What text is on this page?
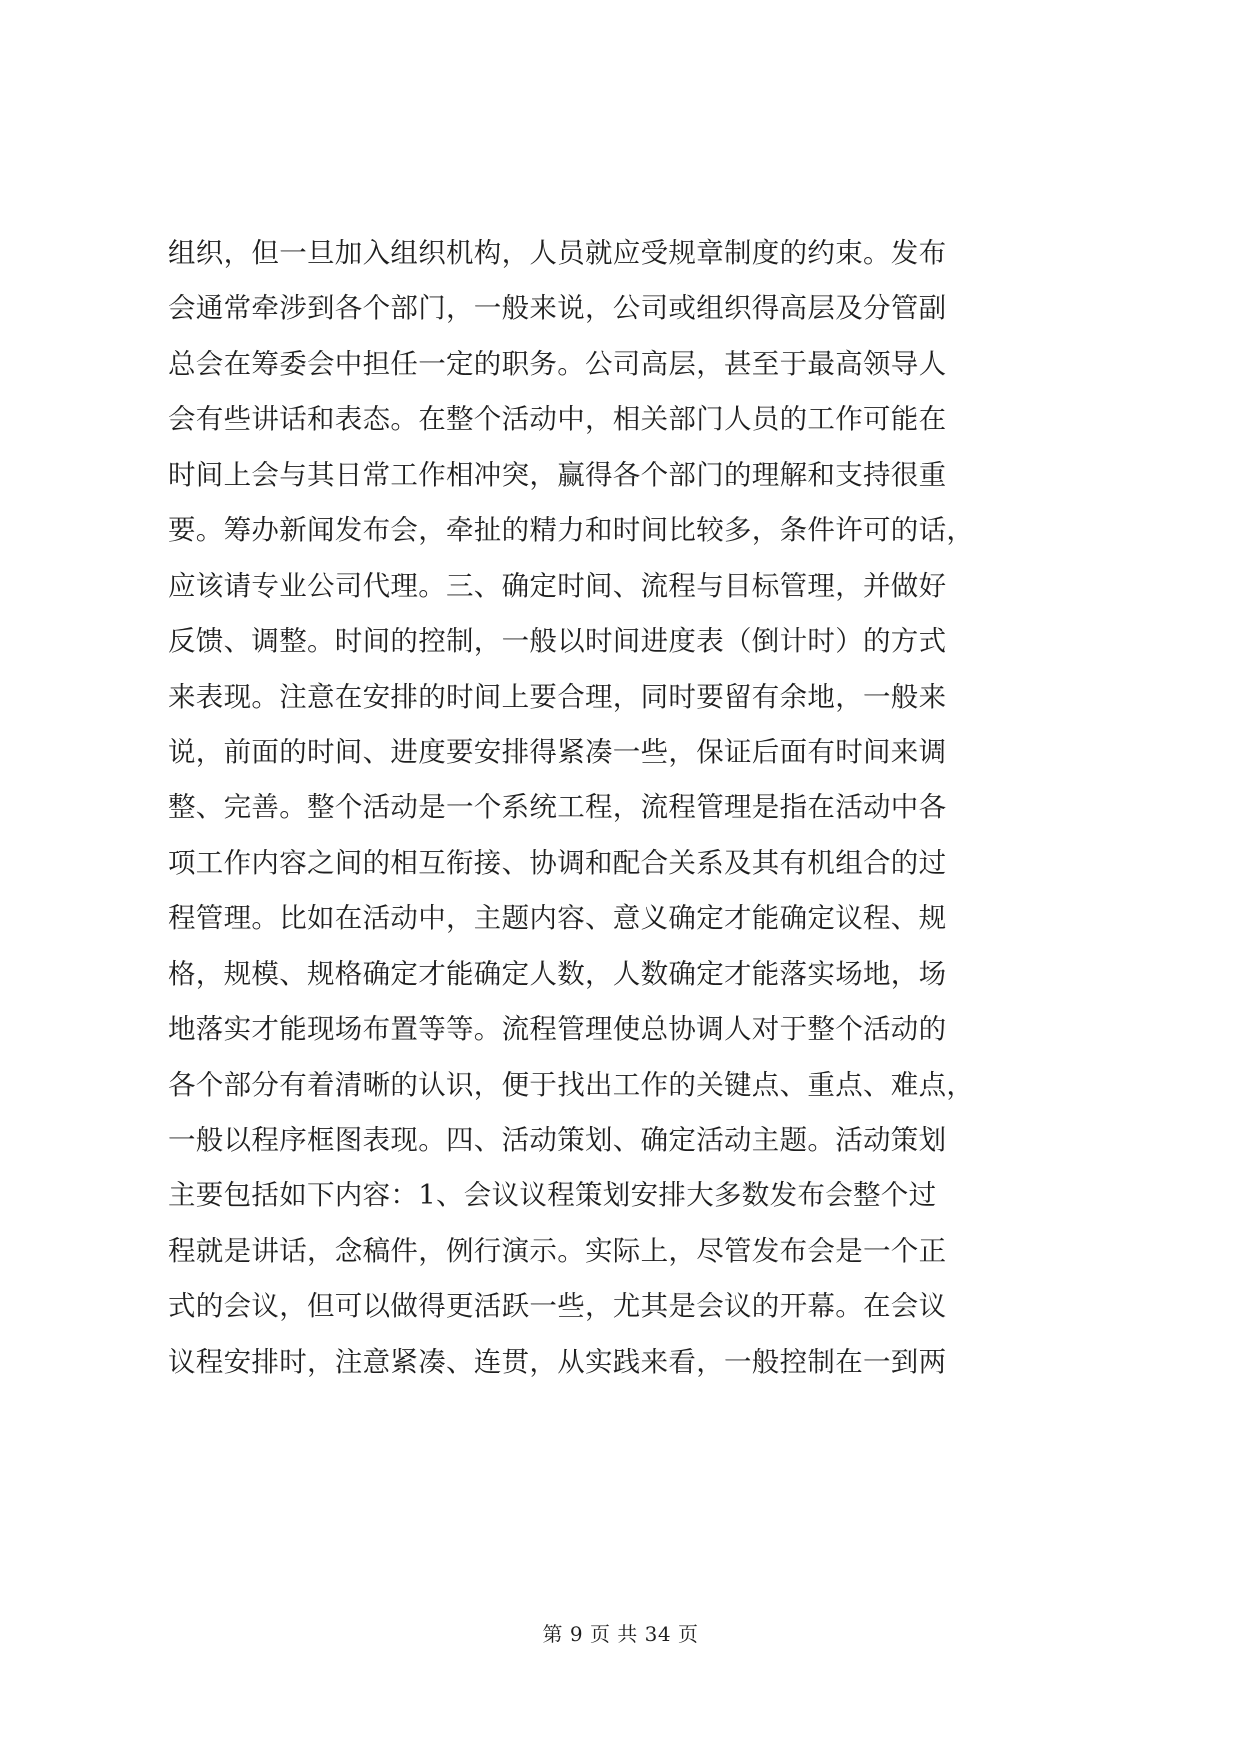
组织，但一旦加入组织机构，人员就应受规章制度的约束。发布
会通常牵涉到各个部门，一般来说，公司或组织得高层及分管副
总会在筹委会中担任一定的职务。公司高层，甚至于最高领导人
会有些讲话和表态。在整个活动中，相关部门人员的工作可能在
时间上会与其日常工作相冲突，赢得各个部门的理解和支持很重
要。筹办新闻发布会，牵扯的精力和时间比较多，条件许可的话，
应该请专业公司代理。三、确定时间、流程与目标管理，并做好
反馈、调整。时间的控制，一般以时间进度表（倒计时）的方式
来表现。注意在安排的时间上要合理，同时要留有余地，一般来
说，前面的时间、进度要安排得紧凑一些，保证后面有时间来调
整、完善。整个活动是一个系统工程，流程管理是指在活动中各
项工作内容之间的相互衔接、协调和配合关系及其有机组合的过
程管理。比如在活动中，主题内容、意义确定才能确定议程、规
格，规模、规格确定才能确定人数，人数确定才能落实场地，场
地落实才能现场布置等等。流程管理使总协调人对于整个活动的
各个部分有着清晰的认识，便于找出工作的关键点、重点、难点，
一般以程序框图表现。四、活动策划、确定活动主题。活动策划
主要包括如下内容：1、会议议程策划安排大多数发布会整个过
程就是讲话，念稿件，例行演示。实际上，尽管发布会是一个正
式的会议，但可以做得更活跃一些，尤其是会议的开幕。在会议
议程安排时，注意紧凑、连贯，从实践来看，一般控制在一到两
第 9 页 共 34 页
